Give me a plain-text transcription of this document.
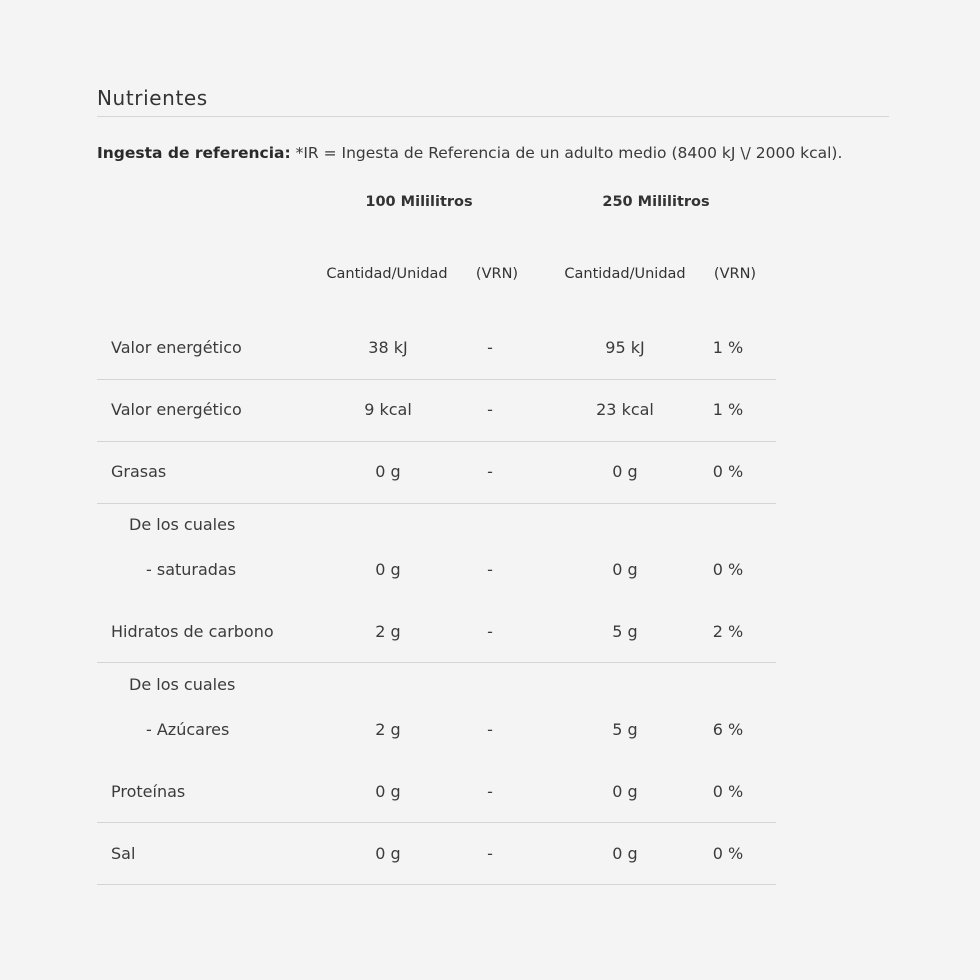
Nutrientes
Ingesta de referencia: *IR = Ingesta de Referencia de un adulto medio (8400 kJ \/ 2000 kcal).
100 Mililitros	250 Mililitros
Cantidad/Unidad (VRN)	Cantidad/Unidad (VRN)
Valor energético	38 kJ	-	95 kJ	1 %
Valor energético	9 kcal	-	23 kcal	1 %
Grasas	0 g	-	0 g	0 %
De los cuales
- saturadas	0 g	-	0 g	0 %
Hidratos de carbono	2 g	-	5 g	2 %
De los cuales
- Azúcares	2 g	-	5 g	6 %
Proteínas	0 g	-	0 g	0 %
Sal	0 g	-	0 g	0 %
